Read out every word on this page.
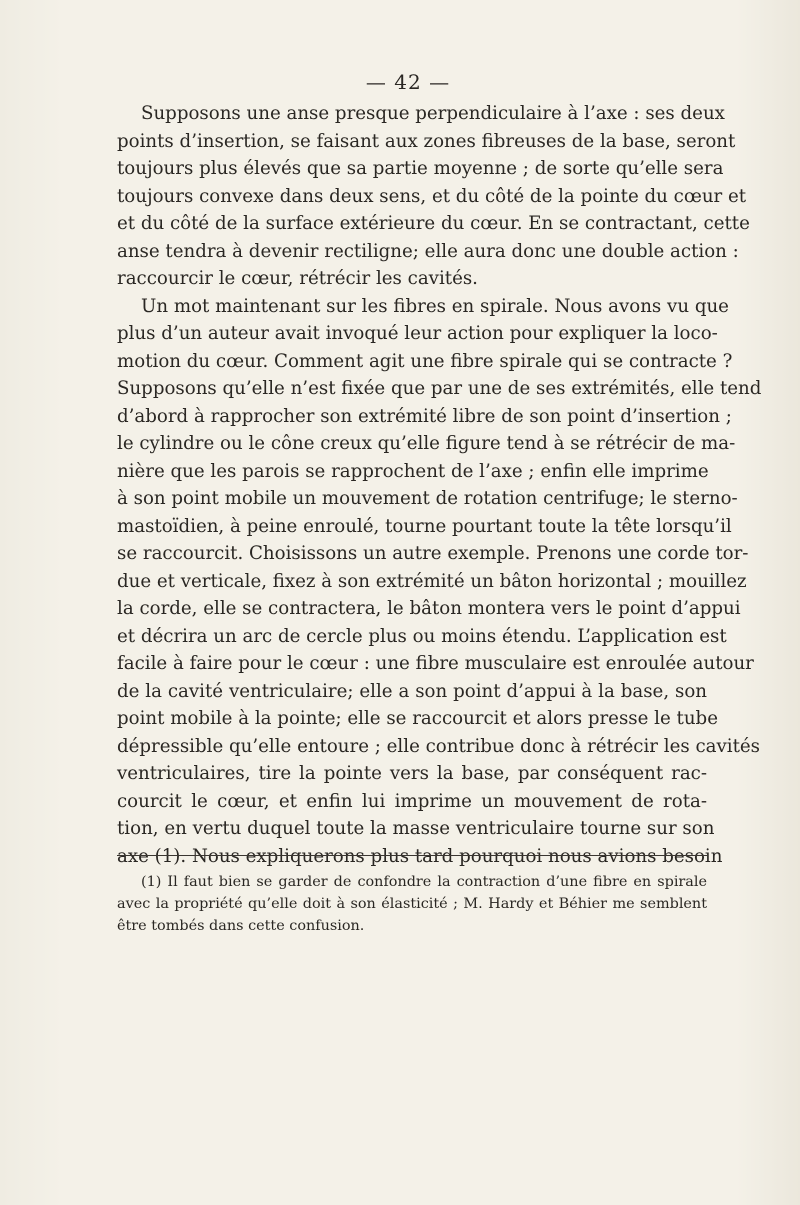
— 42 —
Supposons une anse presque perpendiculaire à l’axe : ses deux
points d’insertion, se faisant aux zones fibreuses de la base, seront
toujours plus élevés que sa partie moyenne ; de sorte qu’elle sera
toujours convexe dans deux sens, et du côté de la pointe du cœur et
et du côté de la surface extérieure du cœur. En se contractant, cette
anse tendra à devenir rectiligne; elle aura donc une double action :
raccourcir le cœur, rétrécir les cavités.
Un mot maintenant sur les fibres en spirale. Nous avons vu que
plus d’un auteur avait invoqué leur action pour expliquer la loco-
motion du cœur. Comment agit une fibre spirale qui se contracte ?
Supposons qu’elle n’est fixée que par une de ses extrémités, elle tend
d’abord à rapprocher son extrémité libre de son point d’insertion ;
le cylindre ou le cône creux qu’elle figure tend à se rétrécir de ma-
nière que les parois se rapprochent de l’axe ; enfin elle imprime
à son point mobile un mouvement de rotation centrifuge; le sterno-
mastoïdien, à peine enroulé, tourne pourtant toute la tête lorsqu’il
se raccourcit. Choisissons un autre exemple. Prenons une corde tor-
due et verticale, fixez à son extrémité un bâton horizontal ; mouillez
la corde, elle se contractera, le bâton montera vers le point d’appui
et décrira un arc de cercle plus ou moins étendu. L’application est
facile à faire pour le cœur : une fibre musculaire est enroulée autour
de la cavité ventriculaire; elle a son point d’appui à la base, son
point mobile à la pointe; elle se raccourcit et alors presse le tube
dépressible qu’elle entoure ; elle contribue donc à rétrécir les cavités
ventriculaires, tire la pointe vers la base, par conséquent rac-
courcit le cœur, et enfin lui imprime un mouvement de rota-
tion, en vertu duquel toute la masse ventriculaire tourne sur son
axe (1). Nous expliquerons plus tard pourquoi nous avions besoin
(1) Il faut bien se garder de confondre la contraction d’une fibre en spirale
avec la propriété qu’elle doit à son élasticité ; M. Hardy et Béhier me semblent
être tombés dans cette confusion.
